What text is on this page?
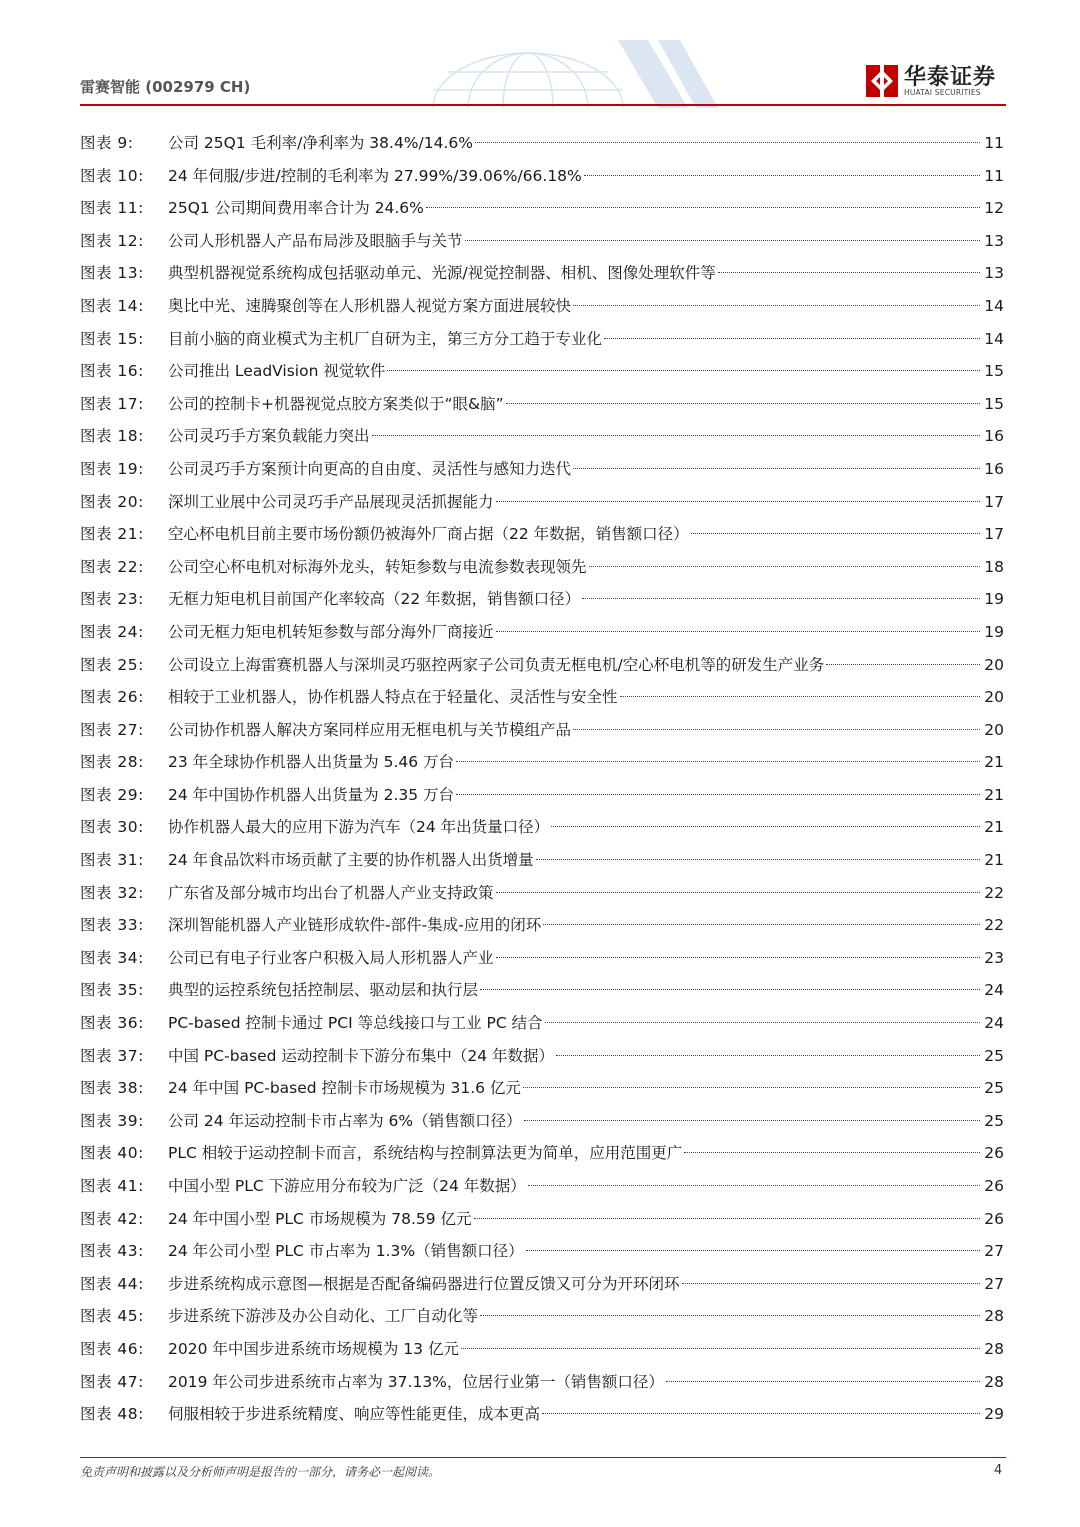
雷赛智能 (002979 CH)	华泰证券
HUATAI SECURITIES
图表 9:	公司 25Q1 毛利率/净利率为 38.4%/14.6%	11
图表 10:	24 年伺服/步进/控制的毛利率为 27.99%/39.06%/66.18%	11
图表 11:	25Q1 公司期间费用率合计为 24.6%	12
图表 12:	公司人形机器人产品布局涉及眼脑手与关节	13
图表 13:	典型机器视觉系统构成包括驱动单元、光源/视觉控制器、相机、图像处理软件等	13
图表 14:	奥比中光、速腾聚创等在人形机器人视觉方案方面进展较快	14
图表 15:	目前小脑的商业模式为主机厂自研为主，第三方分工趋于专业化	14
图表 16:	公司推出 LeadVision 视觉软件	15
图表 17:	公司的控制卡+机器视觉点胶方案类似于“眼&脑”	15
图表 18:	公司灵巧手方案负载能力突出	16
图表 19:	公司灵巧手方案预计向更高的自由度、灵活性与感知力迭代	16
图表 20:	深圳工业展中公司灵巧手产品展现灵活抓握能力	17
图表 21:	空心杯电机目前主要市场份额仍被海外厂商占据（22 年数据，销售额口径）	17
图表 22:	公司空心杯电机对标海外龙头，转矩参数与电流参数表现领先	18
图表 23:	无框力矩电机目前国产化率较高（22 年数据，销售额口径）	19
图表 24:	公司无框力矩电机转矩参数与部分海外厂商接近	19
图表 25:	公司设立上海雷赛机器人与深圳灵巧驱控两家子公司负责无框电机/空心杯电机等的研发生产业务	20
图表 26:	相较于工业机器人，协作机器人特点在于轻量化、灵活性与安全性	20
图表 27:	公司协作机器人解决方案同样应用无框电机与关节模组产品	20
图表 28:	23 年全球协作机器人出货量为 5.46 万台	21
图表 29:	24 年中国协作机器人出货量为 2.35 万台	21
图表 30:	协作机器人最大的应用下游为汽车（24 年出货量口径）	21
图表 31:	24 年食品饮料市场贡献了主要的协作机器人出货增量	21
图表 32:	广东省及部分城市均出台了机器人产业支持政策	22
图表 33:	深圳智能机器人产业链形成软件-部件-集成-应用的闭环	22
图表 34:	公司已有电子行业客户积极入局人形机器人产业	23
图表 35:	典型的运控系统包括控制层、驱动层和执行层	24
图表 36:	PC-based 控制卡通过 PCI 等总线接口与工业 PC 结合	24
图表 37:	中国 PC-based 运动控制卡下游分布集中（24 年数据）	25
图表 38:	24 年中国 PC-based 控制卡市场规模为 31.6 亿元	25
图表 39:	公司 24 年运动控制卡市占率为 6%（销售额口径）	25
图表 40:	PLC 相较于运动控制卡而言，系统结构与控制算法更为简单，应用范围更广	26
图表 41:	中国小型 PLC 下游应用分布较为广泛（24 年数据）	26
图表 42:	24 年中国小型 PLC 市场规模为 78.59 亿元	26
图表 43:	24 年公司小型 PLC 市占率为 1.3%（销售额口径）	27
图表 44:	步进系统构成示意图—根据是否配备编码器进行位置反馈又可分为开环闭环	27
图表 45:	步进系统下游涉及办公自动化、工厂自动化等	28
图表 46:	2020 年中国步进系统市场规模为 13 亿元	28
图表 47:	2019 年公司步进系统市占率为 37.13%，位居行业第一（销售额口径）	28
图表 48:	伺服相较于步进系统精度、响应等性能更佳，成本更高	29
免责声明和披露以及分析师声明是报告的一部分，请务必一起阅读。	4
